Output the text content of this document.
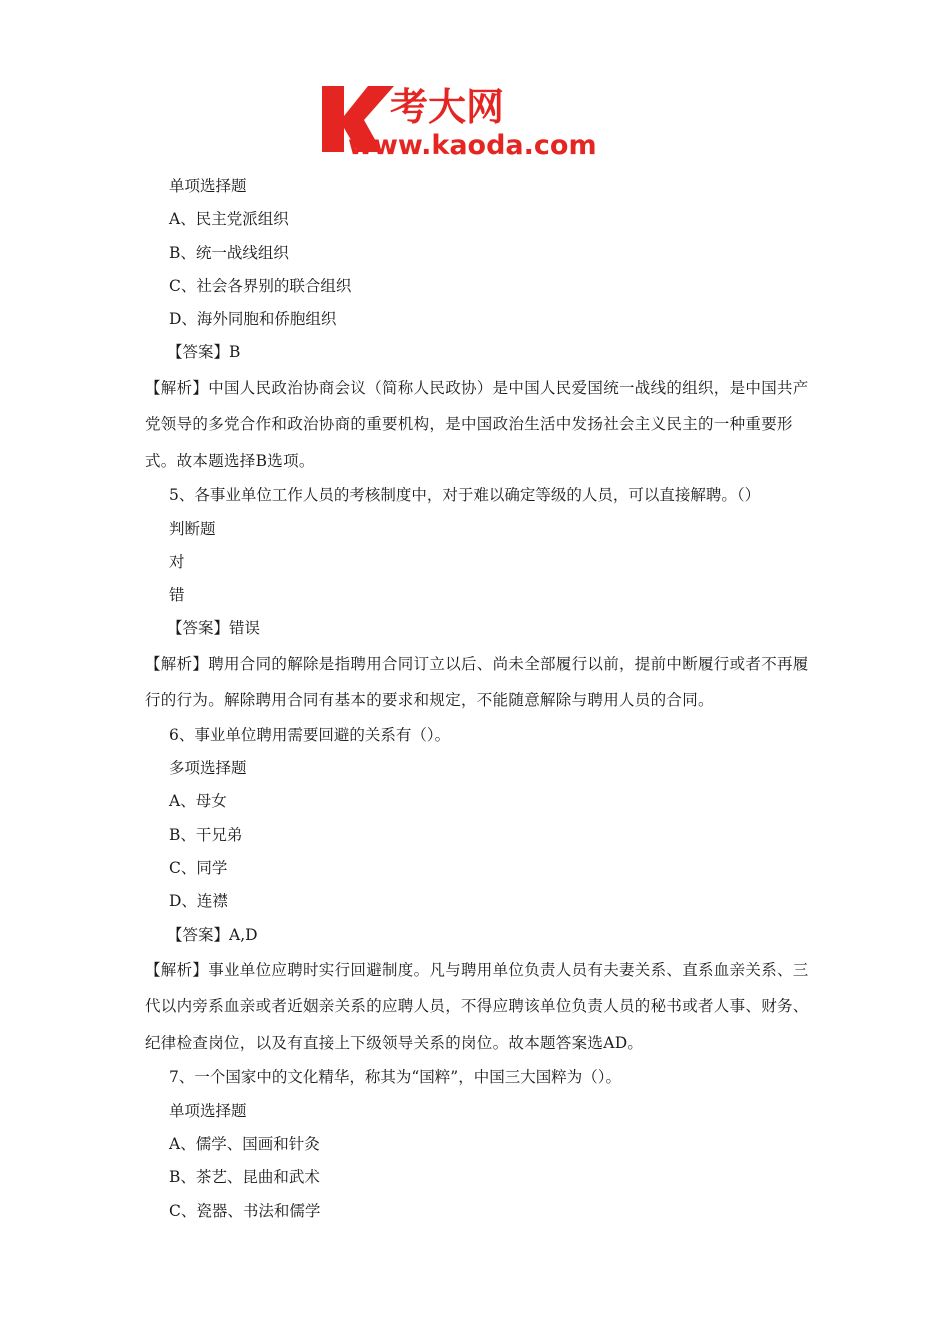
考大网
www.kaoda.com
单项选择题
A、民主党派组织
B、统一战线组织
C、社会各界别的联合组织
D、海外同胞和侨胞组织
【答案】B
【解析】中国人民政治协商会议（简称人民政协）是中国人民爱国统一战线的组织，是中国共产党领导的多党合作和政治协商的重要机构，是中国政治生活中发扬社会主义民主的一种重要形式。故本题选择B选项。
5、各事业单位工作人员的考核制度中，对于难以确定等级的人员，可以直接解聘。（）
判断题
对
错
【答案】错误
【解析】聘用合同的解除是指聘用合同订立以后、尚未全部履行以前，提前中断履行或者不再履行的行为。解除聘用合同有基本的要求和规定，不能随意解除与聘用人员的合同。
6、事业单位聘用需要回避的关系有（）。
多项选择题
A、母女
B、干兄弟
C、同学
D、连襟
【答案】A,D
【解析】事业单位应聘时实行回避制度。凡与聘用单位负责人员有夫妻关系、直系血亲关系、三代以内旁系血亲或者近姻亲关系的应聘人员，不得应聘该单位负责人员的秘书或者人事、财务、纪律检查岗位，以及有直接上下级领导关系的岗位。故本题答案选AD。
7、一个国家中的文化精华，称其为“国粹”，中国三大国粹为（）。
单项选择题
A、儒学、国画和针灸
B、茶艺、昆曲和武术
C、瓷器、书法和儒学
